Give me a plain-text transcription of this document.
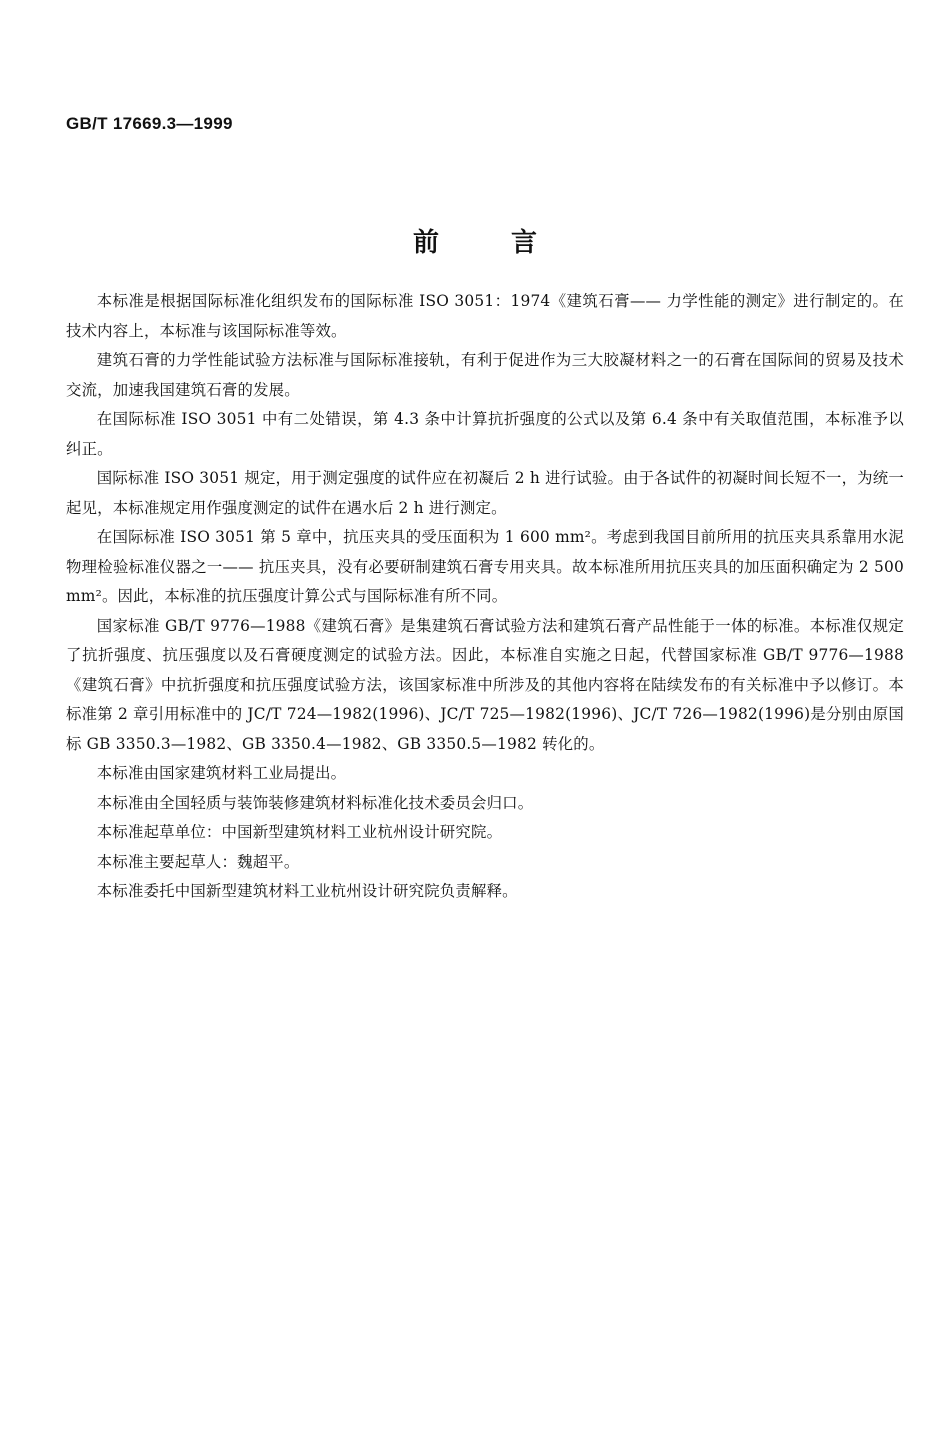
GB/T 17669.3—1999
前	言

本标准是根据国际标准化组织发布的国际标准 ISO 3051：1974《建筑石膏—— 力学性能的测定》进行制定的。在技术内容上，本标准与该国际标准等效。

建筑石膏的力学性能试验方法标准与国际标准接轨，有利于促进作为三大胶凝材料之一的石膏在国际间的贸易及技术交流，加速我国建筑石膏的发展。

在国际标准 ISO 3051 中有二处错误，第 4.3 条中计算抗折强度的公式以及第 6.4 条中有关取值范围，本标准予以纠正。

国际标准 ISO 3051 规定，用于测定强度的试件应在初凝后 2 h 进行试验。由于各试件的初凝时间长短不一，为统一起见，本标准规定用作强度测定的试件在遇水后 2 h 进行测定。

在国际标准 ISO 3051 第 5 章中，抗压夹具的受压面积为 1 600 mm²。考虑到我国目前所用的抗压夹具系靠用水泥物理检验标准仪器之一—— 抗压夹具，没有必要研制建筑石膏专用夹具。故本标准所用抗压夹具的加压面积确定为 2 500 mm²。因此，本标准的抗压强度计算公式与国际标准有所不同。

国家标准 GB/T 9776—1988《建筑石膏》是集建筑石膏试验方法和建筑石膏产品性能于一体的标准。本标准仅规定了抗折强度、抗压强度以及石膏硬度测定的试验方法。因此，本标准自实施之日起，代替国家标准 GB/T 9776—1988《建筑石膏》中抗折强度和抗压强度试验方法，该国家标准中所涉及的其他内容将在陆续发布的有关标准中予以修订。本标准第 2 章引用标准中的 JC/T 724—1982(1996)、JC/T 725—1982(1996)、JC/T 726—1982(1996)是分别由原国标 GB 3350.3—1982、GB 3350.4—1982、GB 3350.5—1982 转化的。

本标准由国家建筑材料工业局提出。

本标准由全国轻质与装饰装修建筑材料标准化技术委员会归口。

本标准起草单位：中国新型建筑材料工业杭州设计研究院。

本标准主要起草人：魏超平。

本标准委托中国新型建筑材料工业杭州设计研究院负责解释。
